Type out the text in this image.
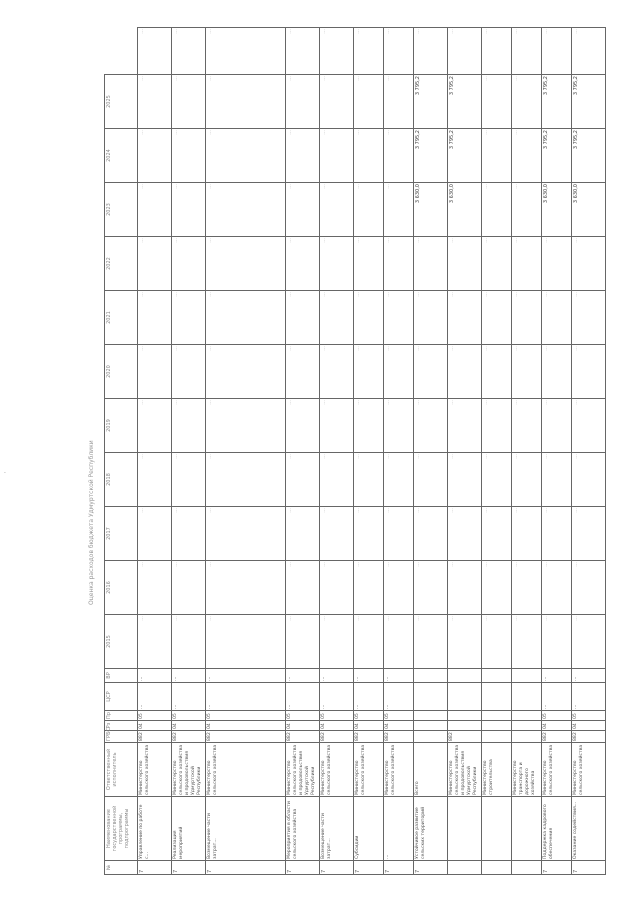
·	Оценка расходов бюджета Удмуртской Республики
№	Наименование государственной программы, подпрограммы	Ответственный исполнитель	ГРБС	Рз	Пр	ЦСР	ВР	2015	2016	2017	2018	2019	2020	2021	2022	2023	2024	2025	
7	Управление по работе с...	Министерство сельского хозяйства	882	04	05	...	...	...	...	...	...	...	...	...	...	...	...	...	...
7	Реализация мероприятий	Министерство сельского хозяйства и продовольствия Удмуртской Республики	882	04	05	...	...	...	...	...	...	...	...	...	...	...	...	...	...
7	Возмещение части затрат...	Министерство сельского хозяйства	882	04	05	...	...	...	...	...	...	...	...	...	...	...	...	...	...
7	Мероприятия в области сельского хозяйства	Министерство сельского хозяйства и продовольствия Удмуртской Республики	882	04	05	...	...	...	...	...	...	...	...	...	...	...	...	...	...
7	Возмещение части затрат...	Министерство сельского хозяйства	882	04	05	...	...	...	...	...	...	...	...	...	...	...	...	...	...
7	Субсидии	Министерство сельского хозяйства	882	04	05	...	...	...	...	...	...	...	...	...	...	...	...	...	...
7	...	Министерство сельского хозяйства	882	04	05	...	...	...	...	...	...	...	...	...	...	...	...	...	...
7	Устойчивое развитие сельских территорий	Всего						...	...	...	...	...	...	...	...	3 630,0	3 795,2	3 795,2	...
		Министерство сельского хозяйства и продовольствия Удмуртской Республики	882					...	...	...	...	...	...	...	...	3 630,0	3 795,2	3 795,2	...
		Министерство строительства						...	...	...	...	...	...	...	...	...	...	...	...
		Министерство транспорта и дорожного хозяйства						...	...	...	...	...	...	...	...	...	...	...	...
7	Поддержка кадрового обеспечения	Министерство сельского хозяйства	882	04	05	...	...	...	...	...	...	...	...	...	...	3 630,0	3 795,2	3 795,2	...
7	Оказание содействия...	Министерство сельского хозяйства	882	04	05	...	...	...	...	...	...	...	...	...	...	3 630,0	3 795,2	3 795,2	...
